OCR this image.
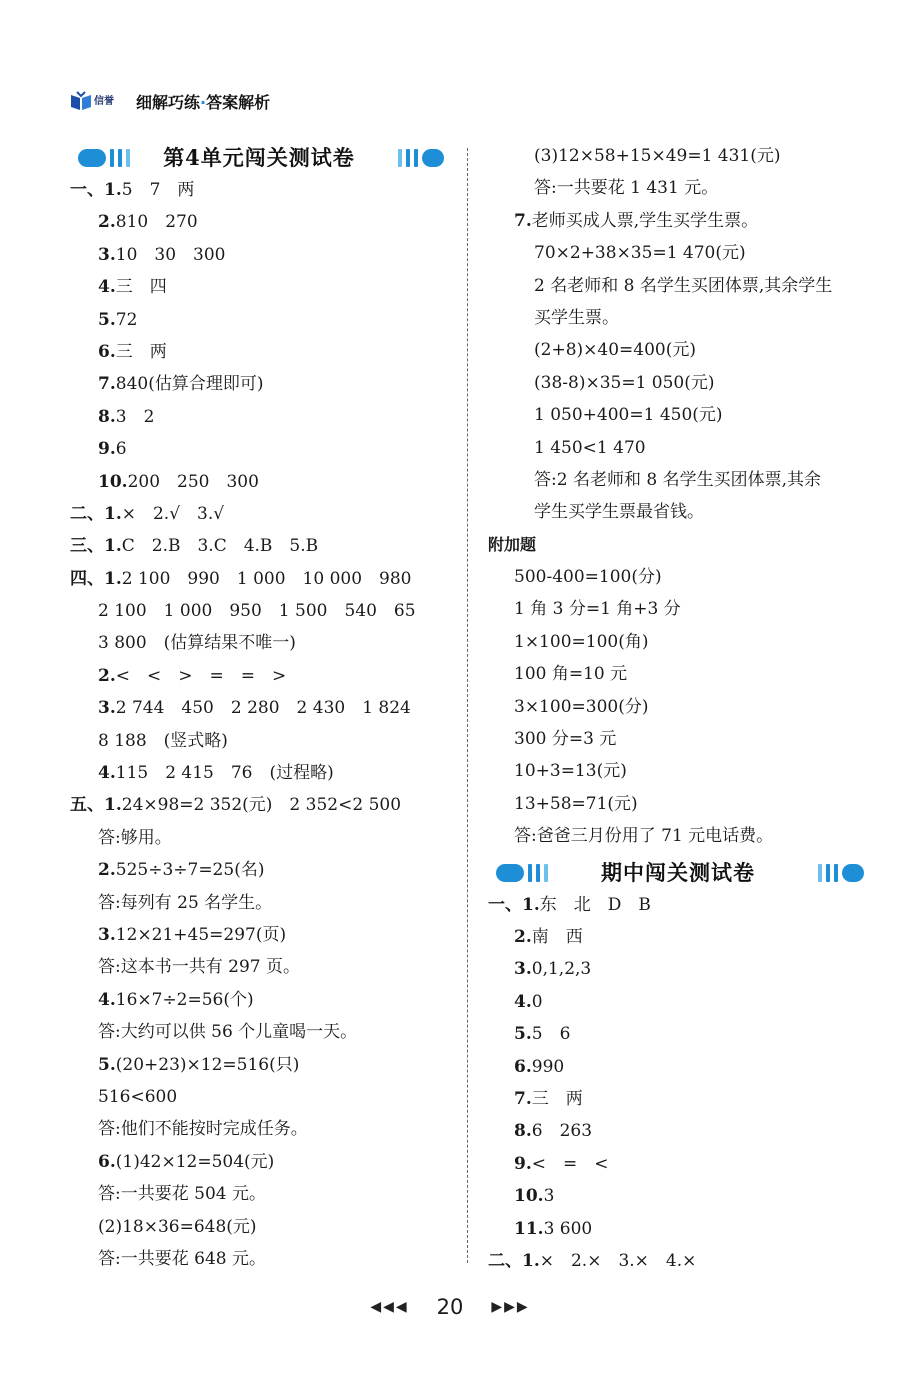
信誉 细解巧练·答案解析
第4单元闯关测试卷
一、1.5　7　两
2.810　270
3.10　30　300
4.三　四
5.72
6.三　两
7.840(估算合理即可)
8.3　2
9.6
10.200　250　300
二、1.×　2.√　3.√
三、1.C　2.B　3.C　4.B　5.B
四、1.2 100　990　1 000　10 000　980
2 100　1 000　950　1 500　540　65
3 800　(估算结果不唯一)
2.<　<　>　=　=　>
3.2 744　450　2 280　2 430　1 824
8 188　(竖式略)
4.115　2 415　76　(过程略)
五、1.24×98=2 352(元)　2 352<2 500
答:够用。
2.525÷3÷7=25(名)
答:每列有 25 名学生。
3.12×21+45=297(页)
答:这本书一共有 297 页。
4.16×7÷2=56(个)
答:大约可以供 56 个儿童喝一天。
5.(20+23)×12=516(只)
516<600
答:他们不能按时完成任务。
6.(1)42×12=504(元)
答:一共要花 504 元。
(2)18×36=648(元)
答:一共要花 648 元。
(3)12×58+15×49=1 431(元)
答:一共要花 1 431 元。
7.老师买成人票,学生买学生票。
70×2+38×35=1 470(元)
2 名老师和 8 名学生买团体票,其余学生
买学生票。
(2+8)×40=400(元)
(38-8)×35=1 050(元)
1 050+400=1 450(元)
1 450<1 470
答:2 名老师和 8 名学生买团体票,其余
学生买学生票最省钱。
附加题
500-400=100(分)
1 角 3 分=1 角+3 分
1×100=100(角)
100 角=10 元
3×100=300(分)
300 分=3 元
10+3=13(元)
13+58=71(元)
答:爸爸三月份用了 71 元电话费。
期中闯关测试卷
一、1.东　北　D　B
2.南　西
3.0,1,2,3
4.0
5.5　6
6.990
7.三　两
8.6　263
9.<　=　<
10.3
11.3 600
二、1.×　2.×　3.×　4.×
◀◀◀ 20 ▶▶▶
